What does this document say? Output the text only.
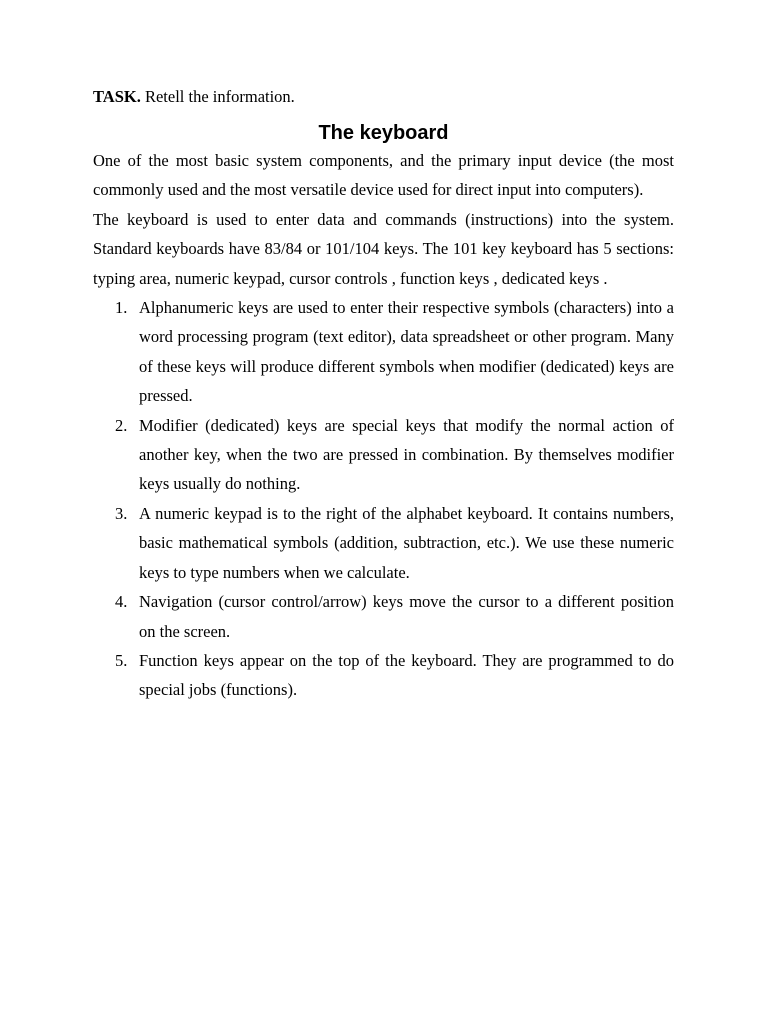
TASK. Retell the information.

The keyboard

One of the most basic system components, and the primary input device (the most commonly used and the most versatile device used for direct input into computers).

The keyboard is used to enter data and commands (instructions) into the system. Standard keyboards have 83/84 or 101/104 keys. The 101 key keyboard has 5 sections: typing area, numeric keypad, cursor controls , function keys , dedicated keys .

1. Alphanumeric keys are used to enter their respective symbols (characters) into a word processing program (text editor), data spreadsheet or other program. Many of these keys will produce different symbols when modifier (dedicated) keys are pressed.
2. Modifier (dedicated) keys are special keys that modify the normal action of another key, when the two are pressed in combination. By themselves modifier keys usually do nothing.
3. A numeric keypad is to the right of the alphabet keyboard. It contains numbers, basic mathematical symbols (addition, subtraction, etc.). We use these numeric keys to type numbers when we calculate.
4. Navigation (cursor control/arrow) keys move the cursor to a different position on the screen.
5. Function keys appear on the top of the keyboard. They are programmed to do special jobs (functions).
